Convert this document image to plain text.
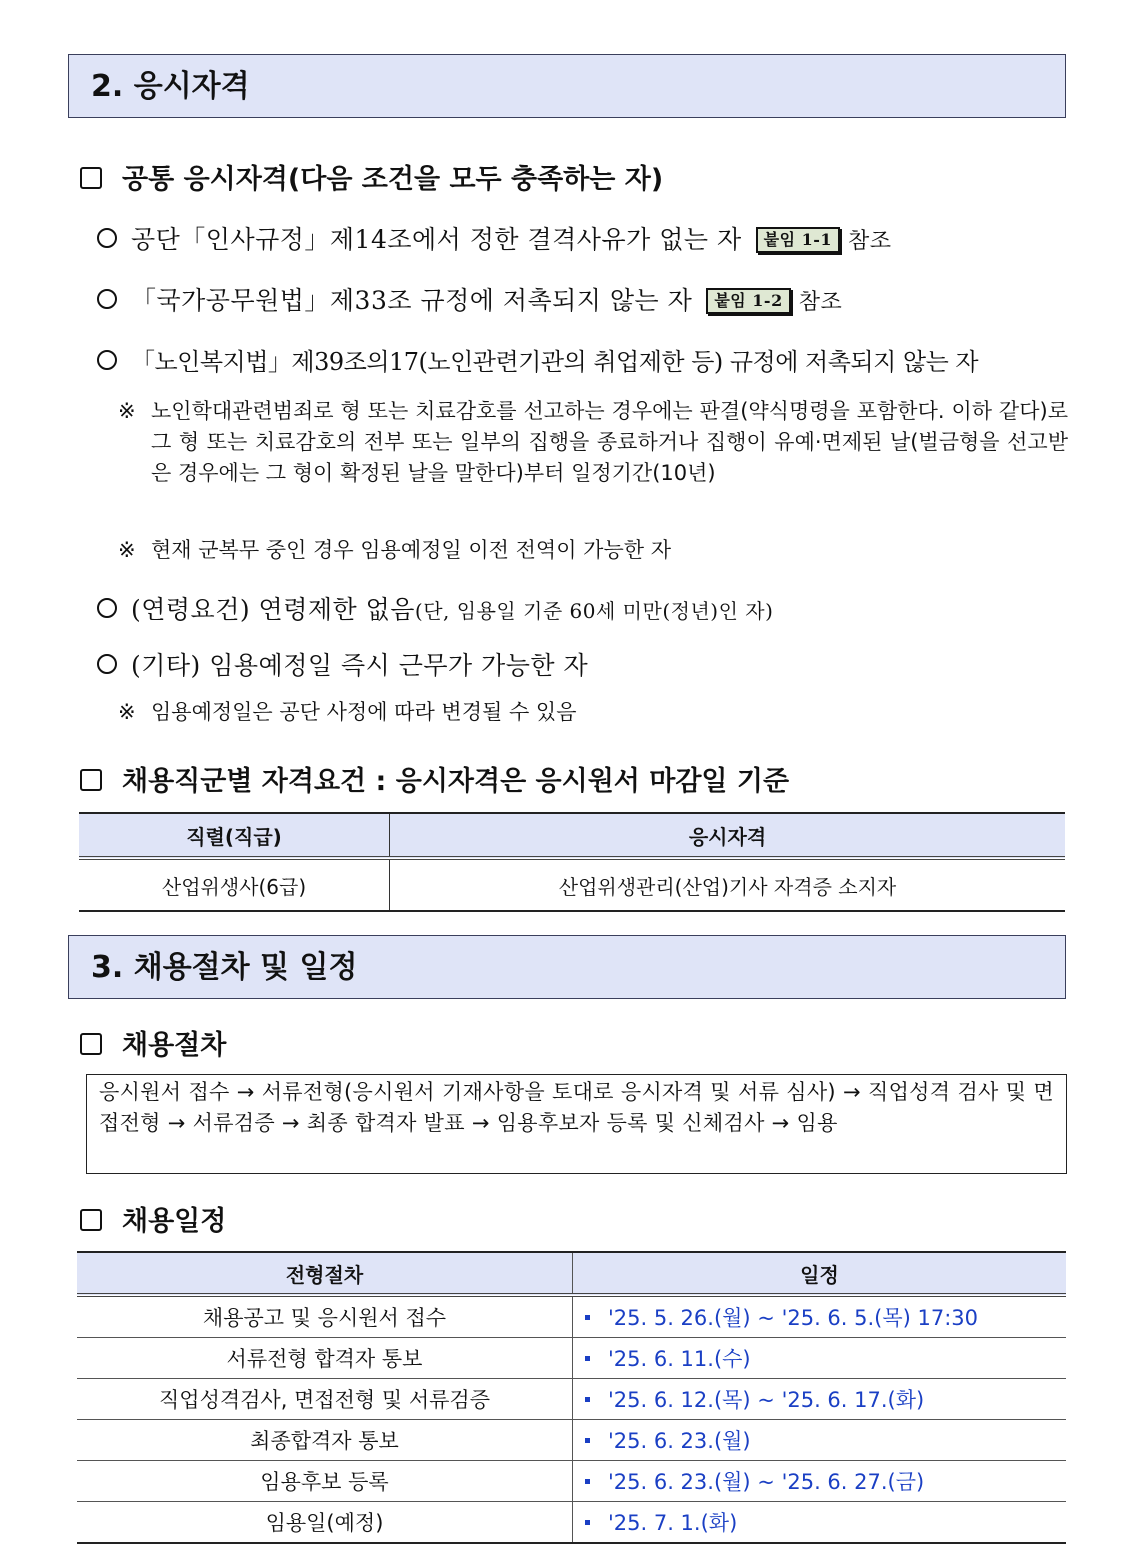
2. 응시자격
공통 응시자격(다음 조건을 모두 충족하는 자)
공단「인사규정」제14조에서 정한 결격사유가 없는 자 붙임 1-1 참조
「국가공무원법」제33조 규정에 저촉되지 않는 자 붙임 1-2 참조
「노인복지법」제39조의17(노인관련기관의 취업제한 등) 규정에 저촉되지 않는 자
※ 노인학대관련범죄로 형 또는 치료감호를 선고하는 경우에는 판결(약식명령을 포함한다. 이하 같다)로 그 형 또는 치료감호의 전부 또는 일부의 집행을 종료하거나 집행이 유예·면제된 날(벌금형을 선고받은 경우에는 그 형이 확정된 날을 말한다)부터 일정기간(10년)
※ 현재 군복무 중인 경우 임용예정일 이전 전역이 가능한 자
(연령요건) 연령제한 없음(단, 임용일 기준 60세 미만(정년)인 자)
(기타) 임용예정일 즉시 근무가 가능한 자
※ 임용예정일은 공단 사정에 따라 변경될 수 있음
채용직군별 자격요건 : 응시자격은 응시원서 마감일 기준
직렬(직급)	응시자격
산업위생사(6급)	산업위생관리(산업)기사 자격증 소지자
3. 채용절차 및 일정
채용절차
응시원서 접수 → 서류전형(응시원서 기재사항을 토대로 응시자격 및 서류 심사) → 직업성격 검사 및 면접전형 → 서류검증 → 최종 합격자 발표 → 임용후보자 등록 및 신체검사 → 임용
채용일정
전형절차	일정
채용공고 및 응시원서 접수	'25. 5. 26.(월) ~ '25. 6. 5.(목) 17:30
서류전형 합격자 통보	'25. 6. 11.(수)
직업성격검사, 면접전형 및 서류검증	'25. 6. 12.(목) ~ '25. 6. 17.(화)
최종합격자 통보	'25. 6. 23.(월)
임용후보 등록	'25. 6. 23.(월) ~ '25. 6. 27.(금)
임용일(예정)	'25. 7. 1.(화)
